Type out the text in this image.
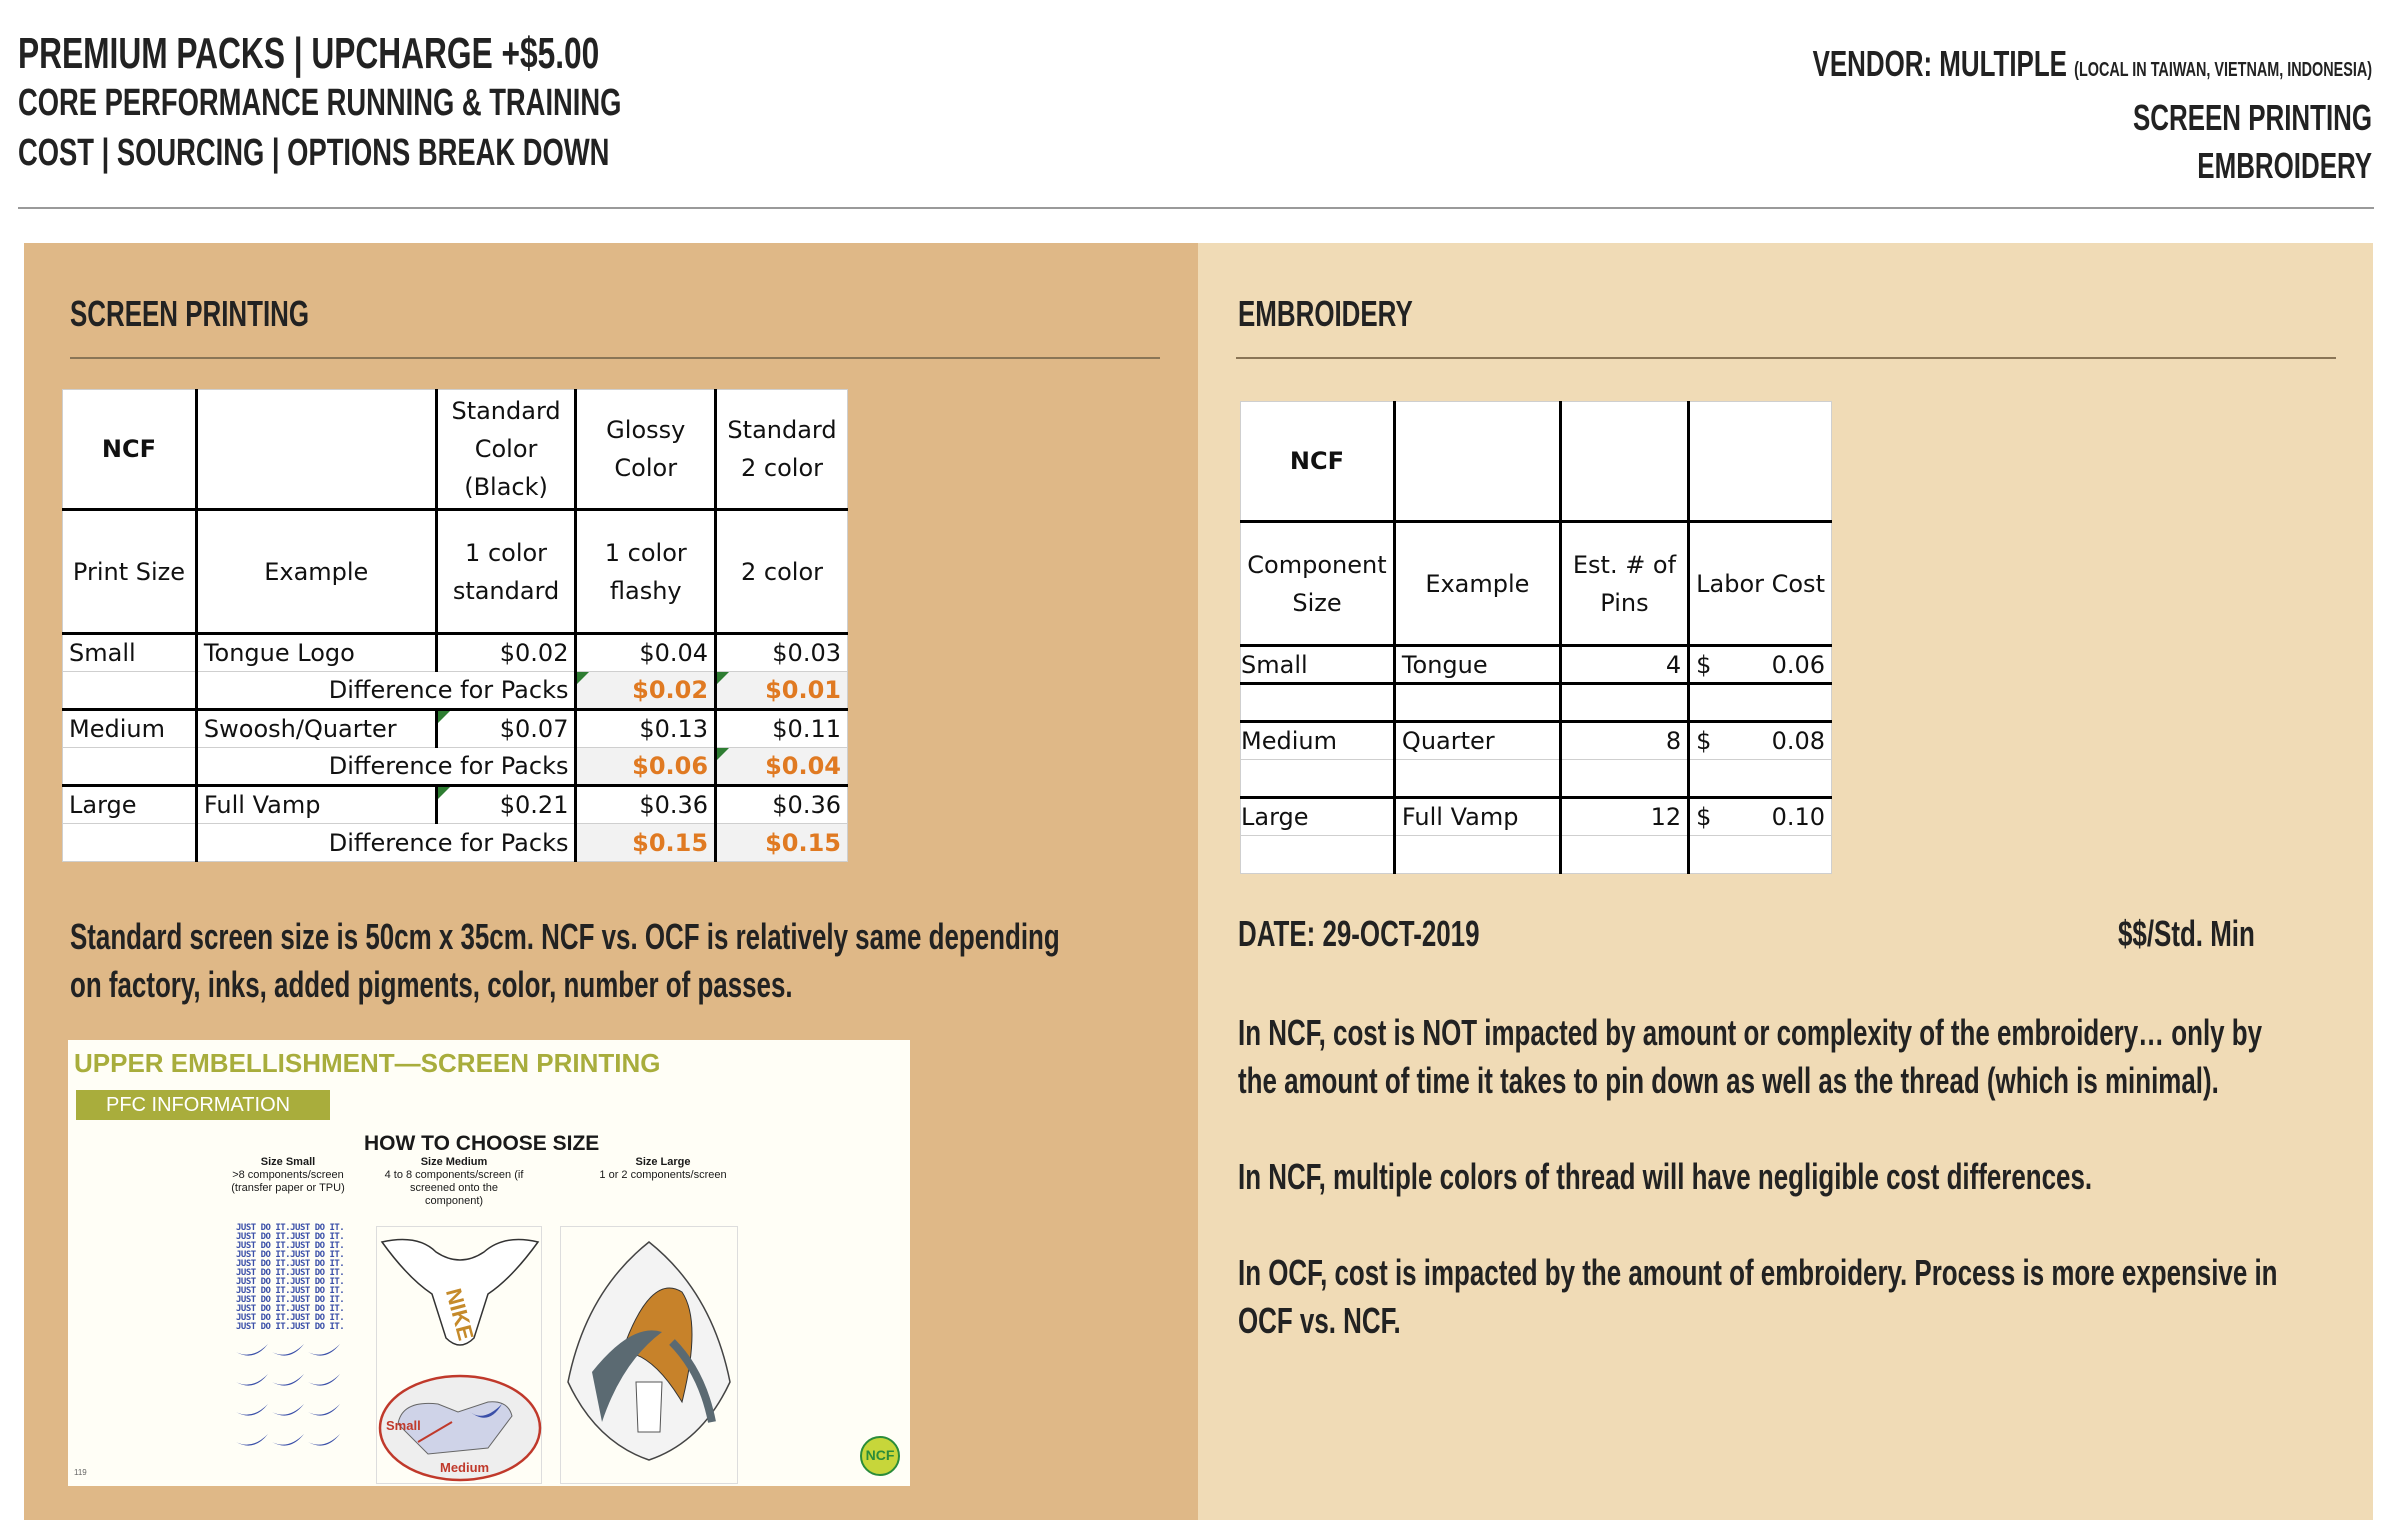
PREMIUM PACKS | UPCHARGE +$5.00
CORE PERFORMANCE RUNNING & TRAINING
COST | SOURCING | OPTIONS BREAK DOWN
VENDOR: MULTIPLE (LOCAL IN TAIWAN, VIETNAM, INDONESIA)
SCREEN PRINTING
EMBROIDERY
SCREEN PRINTING
NCF		Standard Color (Black)	Glossy Color	Standard 2 color
Print Size	Example	1 color standard	1 color flashy	2 color
Small	Tongue Logo	$0.02	$0.04	$0.03
	Difference for Packs		$0.02	$0.01
Medium	Swoosh/Quarter	$0.07	$0.13	$0.11
	Difference for Packs		$0.06	$0.04
Large	Full Vamp	$0.21	$0.36	$0.36
	Difference for Packs		$0.15	$0.15
Standard screen size is 50cm x 35cm. NCF vs. OCF is relatively same depending on factory, inks, added pigments, color, number of passes.
UPPER EMBELLISHMENT—SCREEN PRINTING
PFC INFORMATION
HOW TO CHOOSE SIZE
Size Small
>8 components/screen (transfer paper or TPU)
Size Medium
4 to 8 components/screen (if screened onto the component)
Size Large
1 or 2 components/screen
JUST DO IT.JUST DO IT.
JUST DO IT.JUST DO IT.
JUST DO IT.JUST DO IT.
JUST DO IT.JUST DO IT.
JUST DO IT.JUST DO IT.
JUST DO IT.JUST DO IT.
JUST DO IT.JUST DO IT.
JUST DO IT.JUST DO IT.
JUST DO IT.JUST DO IT.
JUST DO IT.JUST DO IT.
JUST DO IT.JUST DO IT.
JUST DO IT.JUST DO IT.	NIKE
Small
Medium
NCF
119
EMBROIDERY
NCF			
Component Size	Example	Est. # of Pins	Labor Cost
Small	Tongue	4	$ 0.06

Medium	Quarter	8	$ 0.08

Large	Full Vamp	12	$ 0.10

DATE: 29-OCT-2019	$$/Std. Min
In NCF, cost is NOT impacted by amount or complexity of the embroidery… only by the amount of time it takes to pin down as well as the thread (which is minimal).
In NCF, multiple colors of thread will have negligible cost differences.
In OCF, cost is impacted by the amount of embroidery. Process is more expensive in OCF vs. NCF.
